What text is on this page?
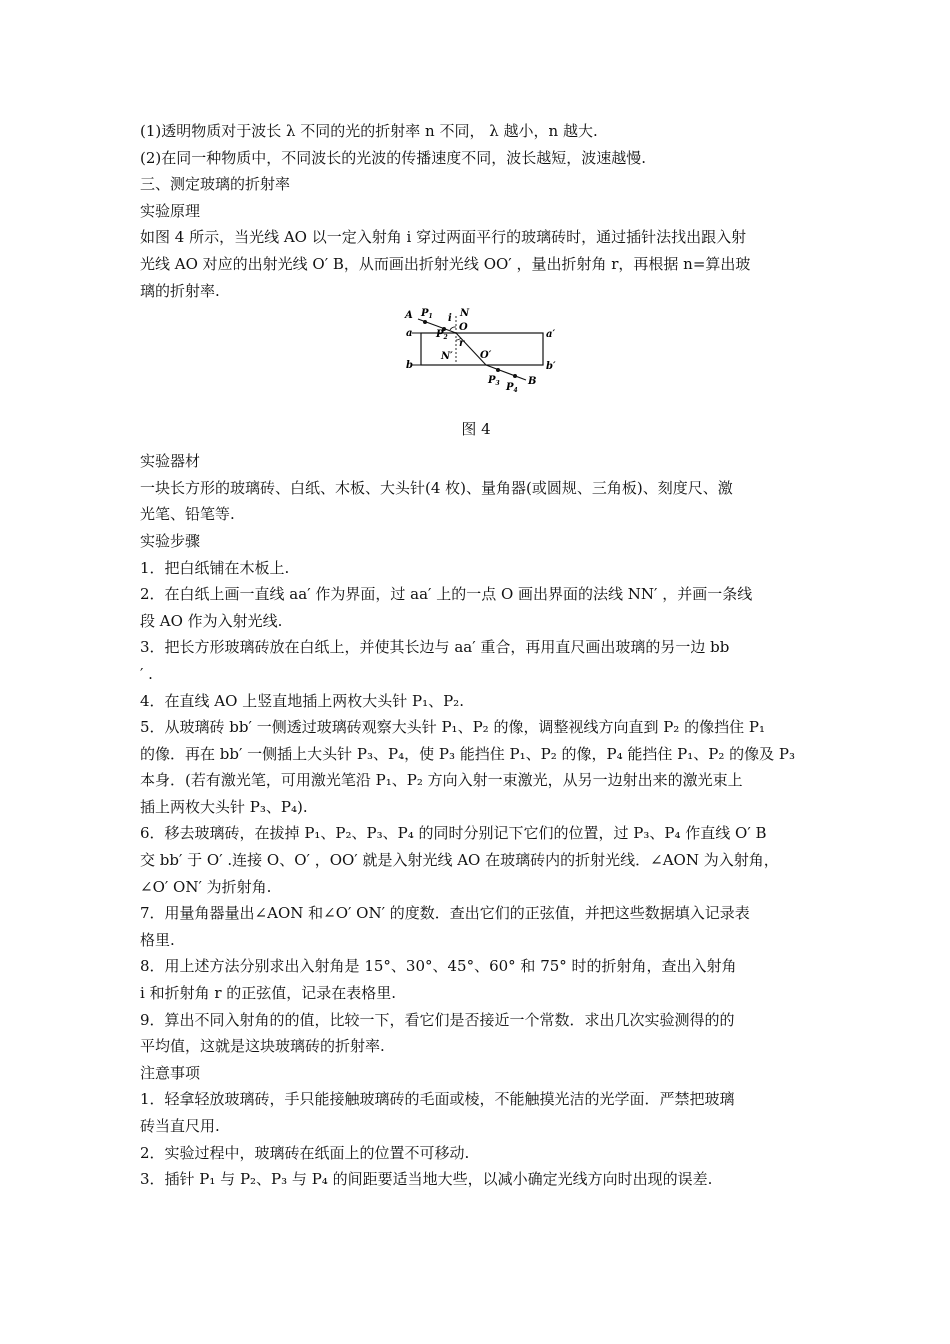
(1)透明物质对于波长 λ 不同的光的折射率 n 不同， λ 越小，n 越大.

(2)在同一种物质中，不同波长的光波的传播速度不同，波长越短，波速越慢.

三、测定玻璃的折射率

实验原理

如图 4 所示，当光线 AO 以一定入射角 i 穿过两面平行的玻璃砖时，通过插针法找出跟入射

光线 AO 对应的出射光线 O′ B，从而画出折射光线 OO′ ，量出折射角 r，再根据 n=算出玻

璃的折射率.

A $P_1$ i N
O
a $P_2$
r
a′
N′	O′
b	b′
$P_3$ $P_4$
B

图 4

实验器材

一块长方形的玻璃砖、白纸、木板、大头针(4 枚)、量角器(或圆规、三角板)、刻度尺、激

光笔、铅笔等.

实验步骤

1．把白纸铺在木板上.

2．在白纸上画一直线 aa′ 作为界面，过 aa′ 上的一点 O 画出界面的法线 NN′ ，并画一条线

段 AO 作为入射光线.

3．把长方形玻璃砖放在白纸上，并使其长边与 aa′ 重合，再用直尺画出玻璃的另一边 bb

′ .

4．在直线 AO 上竖直地插上两枚大头针 P₁、P₂.

5．从玻璃砖 bb′ 一侧透过玻璃砖观察大头针 P₁、P₂ 的像，调整视线方向直到 P₂ 的像挡住 P₁

的像．再在 bb′ 一侧插上大头针 P₃、P₄，使 P₃ 能挡住 P₁、P₂ 的像，P₄ 能挡住 P₁、P₂ 的像及 P₃

本身．(若有激光笔，可用激光笔沿 P₁、P₂ 方向入射一束激光，从另一边射出来的激光束上

插上两枚大头针 P₃、P₄).

6．移去玻璃砖，在拔掉 P₁、P₂、P₃、P₄ 的同时分别记下它们的位置，过 P₃、P₄ 作直线 O′ B

交 bb′ 于 O′ .连接 O、O′ ，OO′ 就是入射光线 AO 在玻璃砖内的折射光线．∠AON 为入射角，

∠O′ ON′ 为折射角.

7．用量角器量出∠AON 和∠O′ ON′ 的度数．查出它们的正弦值，并把这些数据填入记录表

格里.

8．用上述方法分别求出入射角是 15°、30°、45°、60° 和 75° 时的折射角，查出入射角

i 和折射角 r 的正弦值，记录在表格里.

9．算出不同入射角的的值，比较一下，看它们是否接近一个常数．求出几次实验测得的的

平均值，这就是这块玻璃砖的折射率.

注意事项

1．轻拿轻放玻璃砖，手只能接触玻璃砖的毛面或棱，不能触摸光洁的光学面．严禁把玻璃

砖当直尺用.

2．实验过程中，玻璃砖在纸面上的位置不可移动.

3．插针 P₁ 与 P₂、P₃ 与 P₄ 的间距要适当地大些，以减小确定光线方向时出现的误差.
